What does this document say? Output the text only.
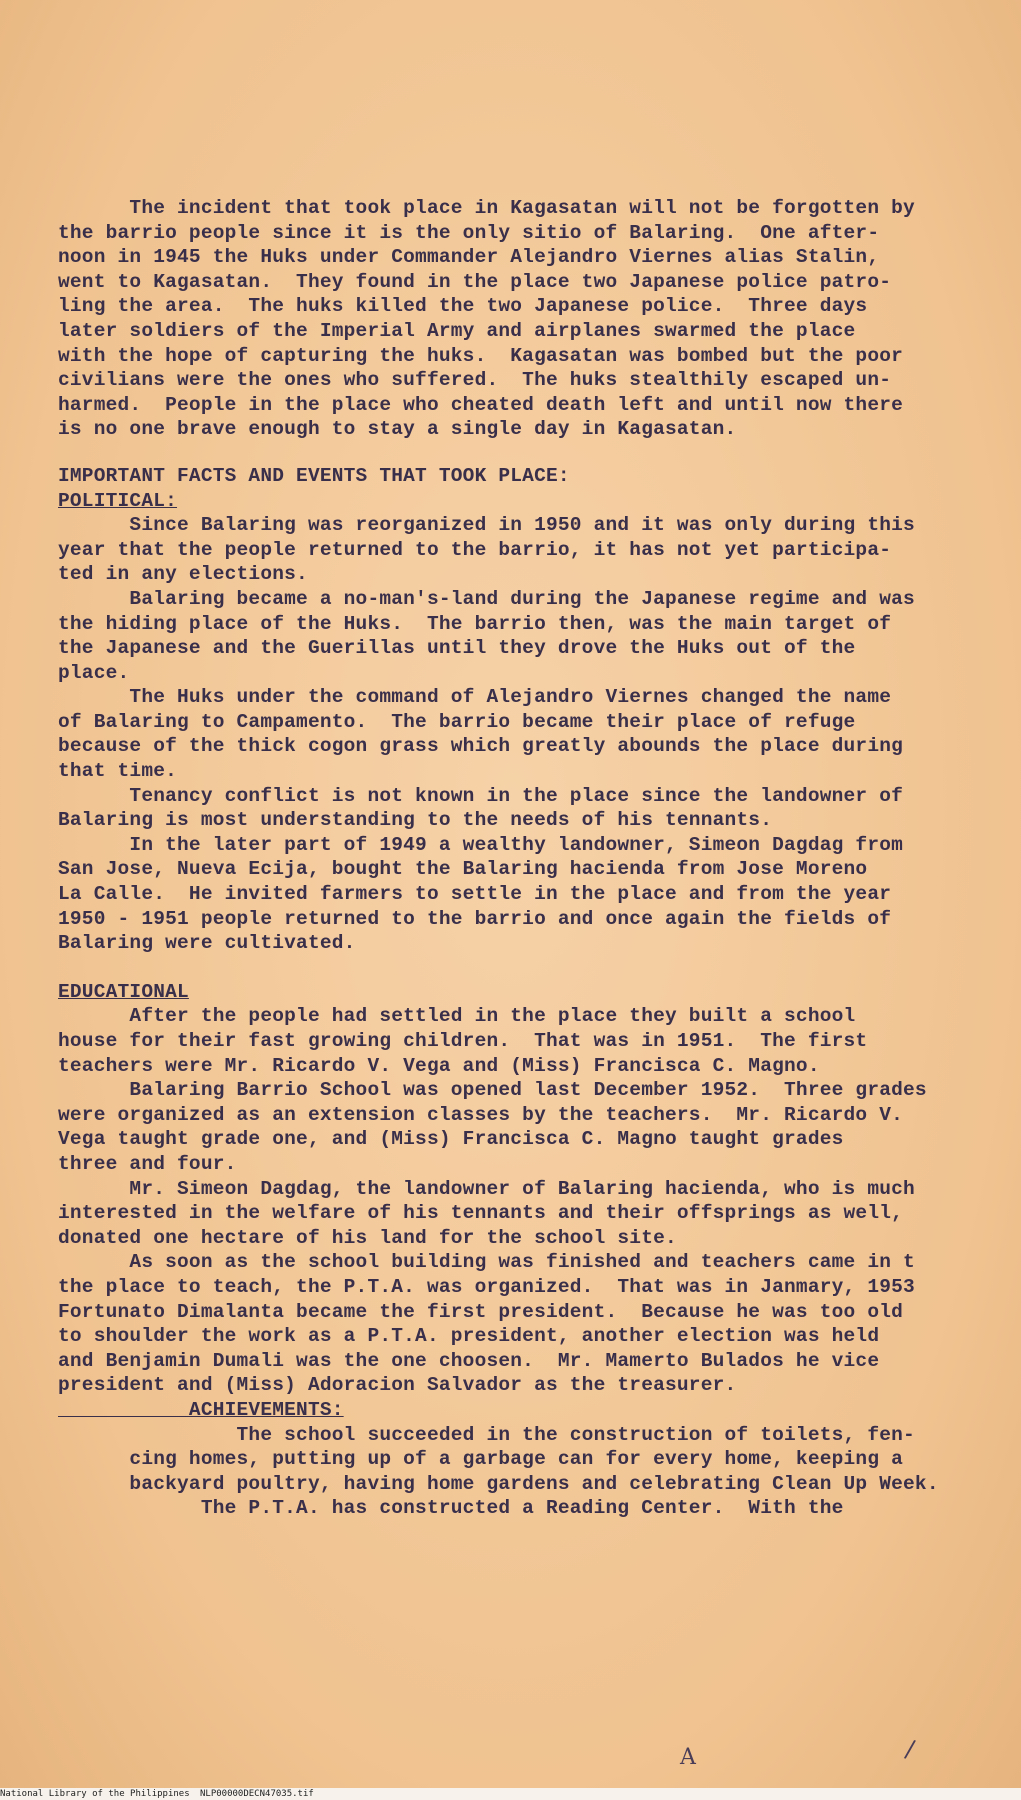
The incident that took place in Kagasatan will not be forgotten by
the barrio people since it is the only sitio of Balaring.  One after-
noon in 1945 the Huks under Commander Alejandro Viernes alias Stalin,
went to Kagasatan.  They found in the place two Japanese police patro-
ling the area.  The huks killed the two Japanese police.  Three days
later soldiers of the Imperial Army and airplanes swarmed the place
with the hope of capturing the huks.  Kagasatan was bombed but the poor
civilians were the ones who suffered.  The huks stealthily escaped un-
harmed.  People in the place who cheated death left and until now there
is no one brave enough to stay a single day in Kagasatan.

IMPORTANT FACTS AND EVENTS THAT TOOK PLACE:

POLITICAL:
Since Balaring was reorganized in 1950 and it was only during this
year that the people returned to the barrio, it has not yet participa-
ted in any elections.
Balaring became a no-man's-land during the Japanese regime and was
the hiding place of the Huks.  The barrio then, was the main target of
the Japanese and the Guerillas until they drove the Huks out of the
place.
The Huks under the command of Alejandro Viernes changed the name
of Balaring to Campamento.  The barrio became their place of refuge
because of the thick cogon grass which greatly abounds the place during
that time.
Tenancy conflict is not known in the place since the landowner of
Balaring is most understanding to the needs of his tennants.
In the later part of 1949 a wealthy landowner, Simeon Dagdag from
San Jose, Nueva Ecija, bought the Balaring hacienda from Jose Moreno
La Calle.  He invited farmers to settle in the place and from the year
1950 - 1951 people returned to the barrio and once again the fields of
Balaring were cultivated.
EDUCATIONAL
After the people had settled in the place they built a school
house for their fast growing children.  That was in 1951.  The first
teachers were Mr. Ricardo V. Vega and (Miss) Francisca C. Magno.
Balaring Barrio School was opened last December 1952.  Three grades
were organized as an extension classes by the teachers.  Mr. Ricardo V.
Vega taught grade one, and (Miss) Francisca C. Magno taught grades
three and four.
Mr. Simeon Dagdag, the landowner of Balaring hacienda, who is much
interested in the welfare of his tennants and their offsprings as well,
donated one hectare of his land for the school site.
As soon as the school building was finished and teachers came in t
the place to teach, the P.T.A. was organized.  That was in Janmary, 1953
Fortunato Dimalanta became the first president.  Because he was too old
to shoulder the work as a P.T.A. president, another election was held
and Benjamin Dumali was the one choosen.  Mr. Mamerto Bulados he vice
president and (Miss) Adoracion Salvador as the treasurer.
ACHIEVEMENTS:
The school succeeded in the construction of toilets, fen-
cing homes, putting up of a garbage can for every home, keeping a
backyard poultry, having home gardens and celebrating Clean Up Week.
The P.T.A. has constructed a Reading Center.  With the
A	/
National Library of the Philippines NLP00000DECN47035.tif
